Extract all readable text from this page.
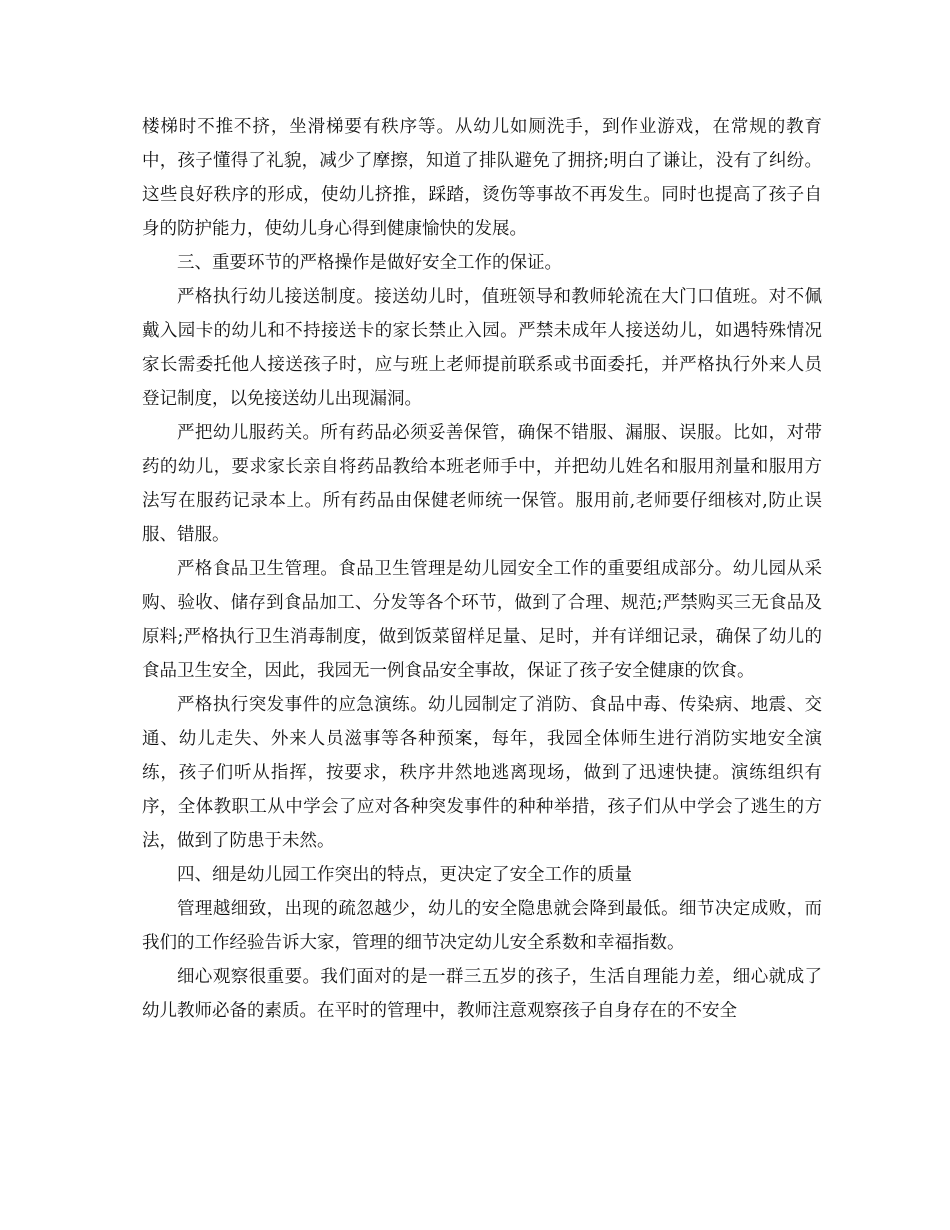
楼梯时不推不挤，坐滑梯要有秩序等。从幼儿如厕洗手，到作业游戏，在常规的教育中，孩子懂得了礼貌，减少了摩擦，知道了排队避免了拥挤;明白了谦让，没有了纠纷。这些良好秩序的形成，使幼儿挤推，踩踏，烫伤等事故不再发生。同时也提高了孩子自身的防护能力，使幼儿身心得到健康愉快的发展。

三、重要环节的严格操作是做好安全工作的保证。

严格执行幼儿接送制度。接送幼儿时，值班领导和教师轮流在大门口值班。对不佩戴入园卡的幼儿和不持接送卡的家长禁止入园。严禁未成年人接送幼儿，如遇特殊情况家长需委托他人接送孩子时，应与班上老师提前联系或书面委托，并严格执行外来人员登记制度，以免接送幼儿出现漏洞。

严把幼儿服药关。所有药品必须妥善保管，确保不错服、漏服、误服。比如，对带药的幼儿，要求家长亲自将药品教给本班老师手中，并把幼儿姓名和服用剂量和服用方法写在服药记录本上。所有药品由保健老师统一保管。服用前,老师要仔细核对,防止误服、错服。

严格食品卫生管理。食品卫生管理是幼儿园安全工作的重要组成部分。幼儿园从采购、验收、储存到食品加工、分发等各个环节，做到了合理、规范;严禁购买三无食品及原料;严格执行卫生消毒制度，做到饭菜留样足量、足时，并有详细记录，确保了幼儿的食品卫生安全，因此，我园无一例食品安全事故，保证了孩子安全健康的饮食。

严格执行突发事件的应急演练。幼儿园制定了消防、食品中毒、传染病、地震、交通、幼儿走失、外来人员滋事等各种预案，每年，我园全体师生进行消防实地安全演练，孩子们听从指挥，按要求，秩序井然地逃离现场，做到了迅速快捷。演练组织有序，全体教职工从中学会了应对各种突发事件的种种举措，孩子们从中学会了逃生的方法，做到了防患于未然。

四、细是幼儿园工作突出的特点，更决定了安全工作的质量

管理越细致，出现的疏忽越少，幼儿的安全隐患就会降到最低。细节决定成败，而我们的工作经验告诉大家，管理的细节决定幼儿安全系数和幸福指数。

细心观察很重要。我们面对的是一群三五岁的孩子，生活自理能力差，细心就成了幼儿教师必备的素质。在平时的管理中，教师注意观察孩子自身存在的不安全
